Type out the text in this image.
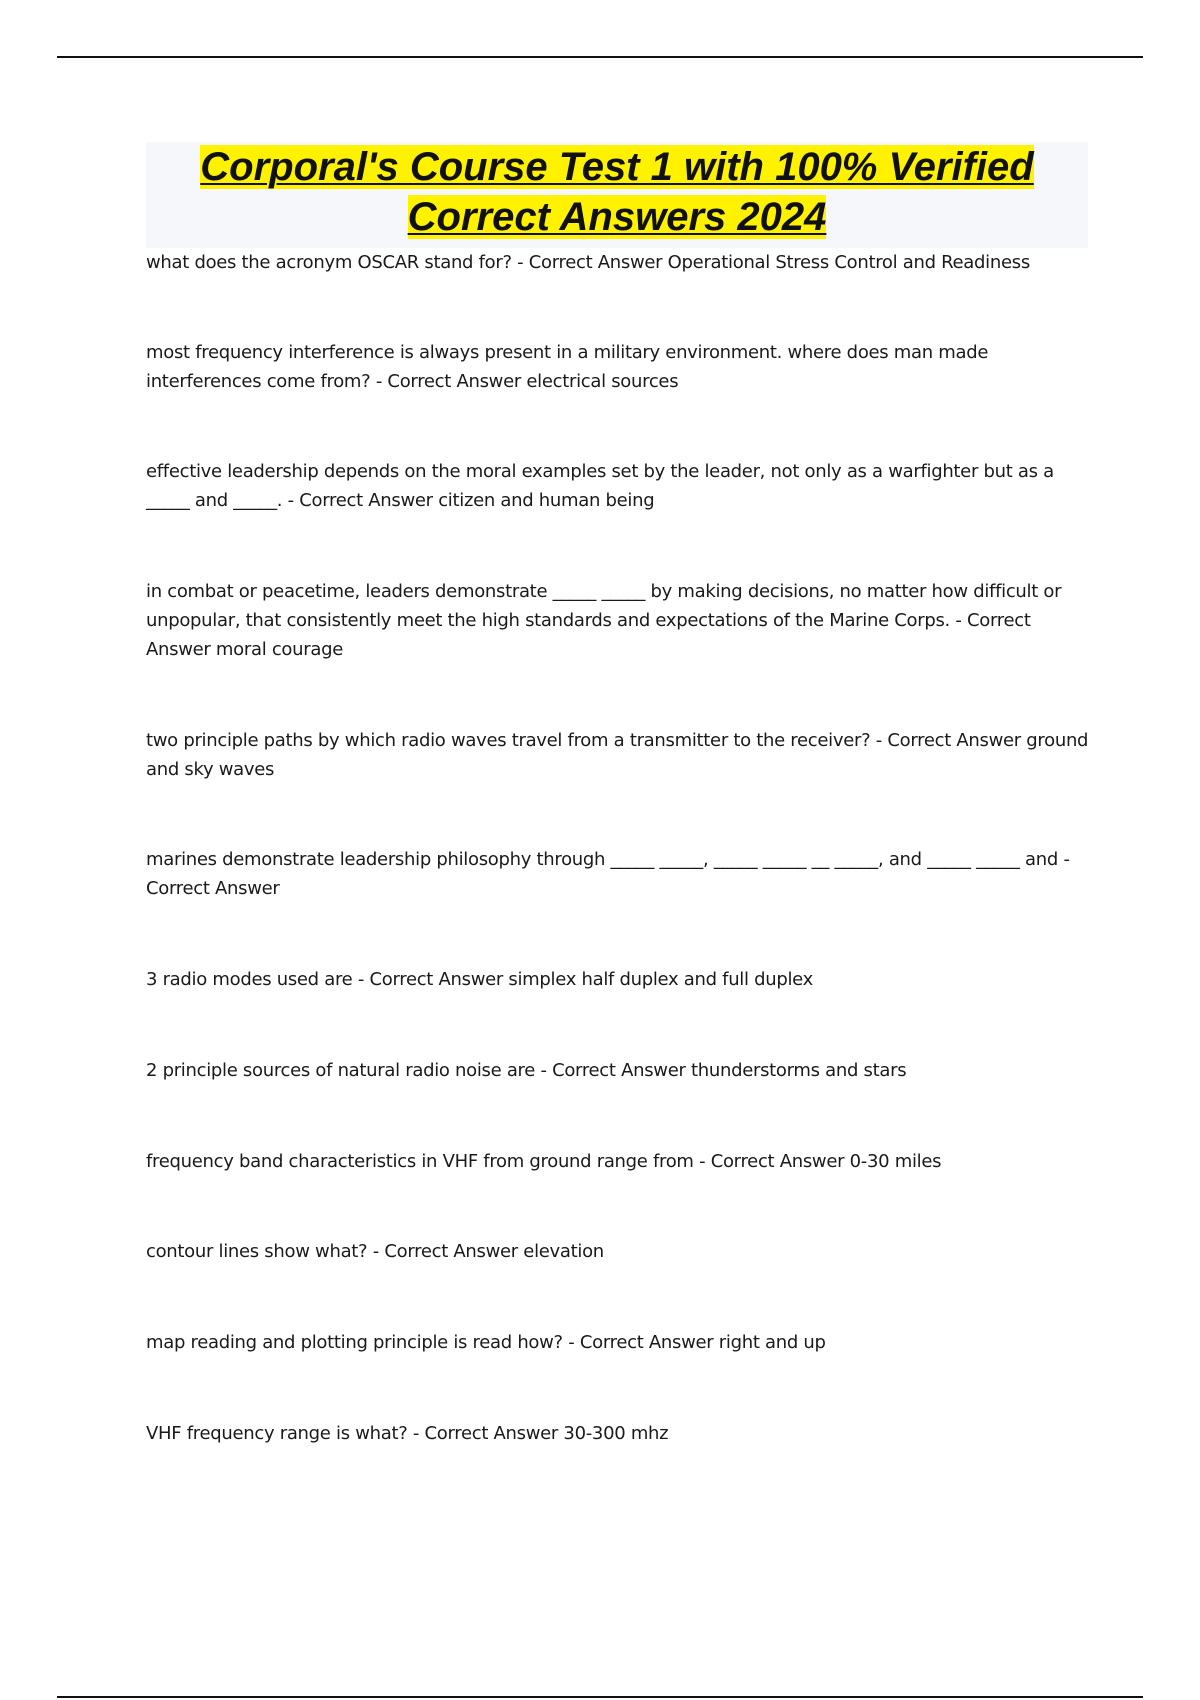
Corporal's Course Test 1 with 100% Verified
Correct Answers 2024

what does the acronym OSCAR stand for? - Correct Answer Operational Stress Control and Readiness

most frequency interference is always present in a military environment. where does man made interferences come from? - Correct Answer electrical sources

effective leadership depends on the moral examples set by the leader, not only as a warfighter but as a _____ and _____. - Correct Answer citizen and human being

in combat or peacetime, leaders demonstrate _____ _____ by making decisions, no matter how difficult or unpopular, that consistently meet the high standards and expectations of the Marine Corps. - Correct Answer moral courage

two principle paths by which radio waves travel from a transmitter to the receiver? - Correct Answer ground and sky waves

marines demonstrate leadership philosophy through _____ _____, _____ _____ __ _____, and _____ _____ and - Correct Answer

3 radio modes used are - Correct Answer simplex half duplex and full duplex

2 principle sources of natural radio noise are - Correct Answer thunderstorms and stars

frequency band characteristics in VHF from ground range from - Correct Answer 0-30 miles

contour lines show what? - Correct Answer elevation

map reading and plotting principle is read how? - Correct Answer right and up

VHF frequency range is what? - Correct Answer 30-300 mhz
